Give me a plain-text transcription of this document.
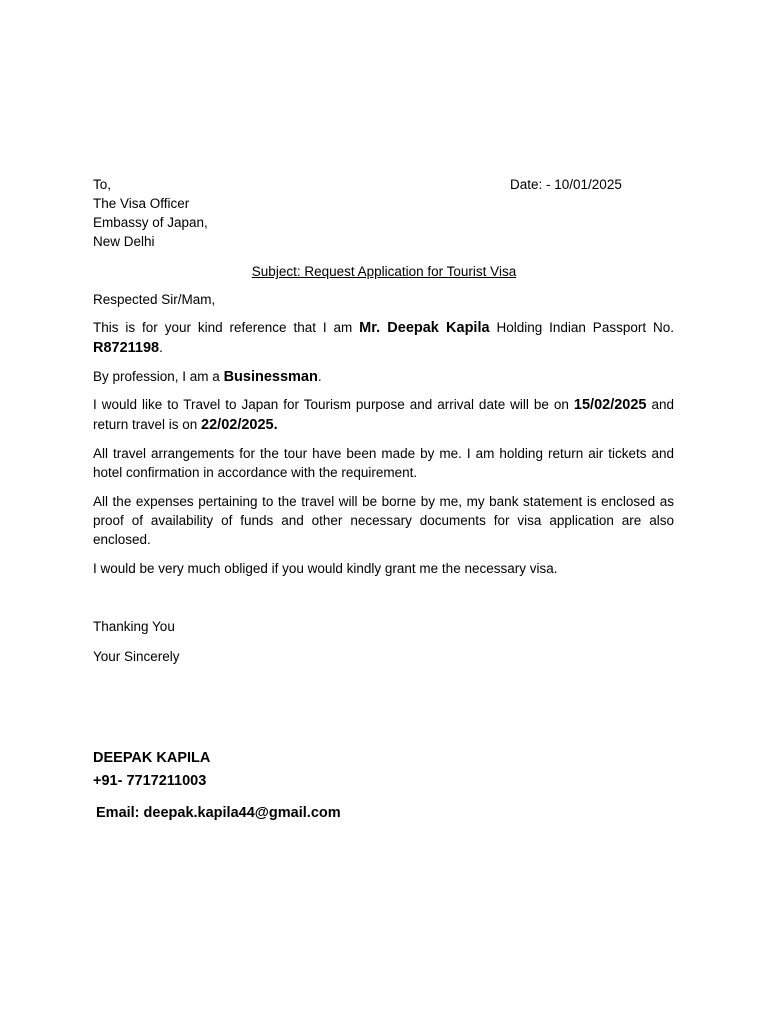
To,
The Visa Officer
Embassy of Japan,
New Delhi
Date: - 10/01/2025
Subject: Request Application for Tourist Visa
Respected Sir/Mam,
This is for your kind reference that I am Mr. Deepak Kapila Holding Indian Passport No. R8721198.
By profession, I am a Businessman.
I would like to Travel to Japan for Tourism purpose and arrival date will be on 15/02/2025 and return travel is on 22/02/2025.
All travel arrangements for the tour have been made by me. I am holding return air tickets and hotel confirmation in accordance with the requirement.
All the expenses pertaining to the travel will be borne by me, my bank statement is enclosed as proof of availability of funds and other necessary documents for visa application are also enclosed.
I would be very much obliged if you would kindly grant me the necessary visa.
Thanking You
Your Sincerely
DEEPAK KAPILA
+91- 7717211003
Email: deepak.kapila44@gmail.com
